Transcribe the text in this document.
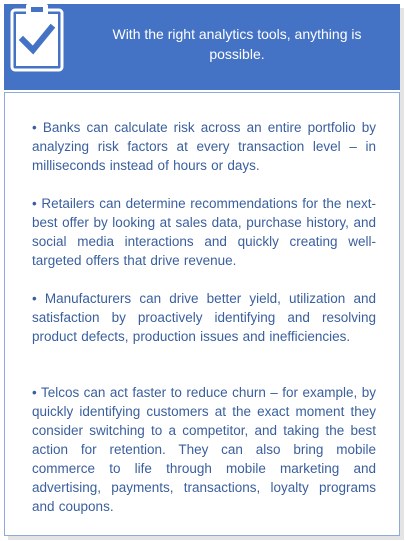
With the right analytics tools, anything is possible.

• Banks can calculate risk across an entire portfolio by analyzing risk factors at every transaction level – in milliseconds instead of hours or days.

• Retailers can determine recommendations for the next-best offer by looking at sales data, purchase history, and social media interactions and quickly creating well-targeted offers that drive revenue.

• Manufacturers can drive better yield, utilization and satisfaction by proactively identifying and resolving product defects, production issues and inefficiencies.

• Telcos can act faster to reduce churn – for example, by quickly identifying customers at the exact moment they consider switching to a competitor, and taking the best action for retention. They can also bring mobile commerce to life through mobile marketing and advertising, payments, transactions, loyalty programs and coupons.
